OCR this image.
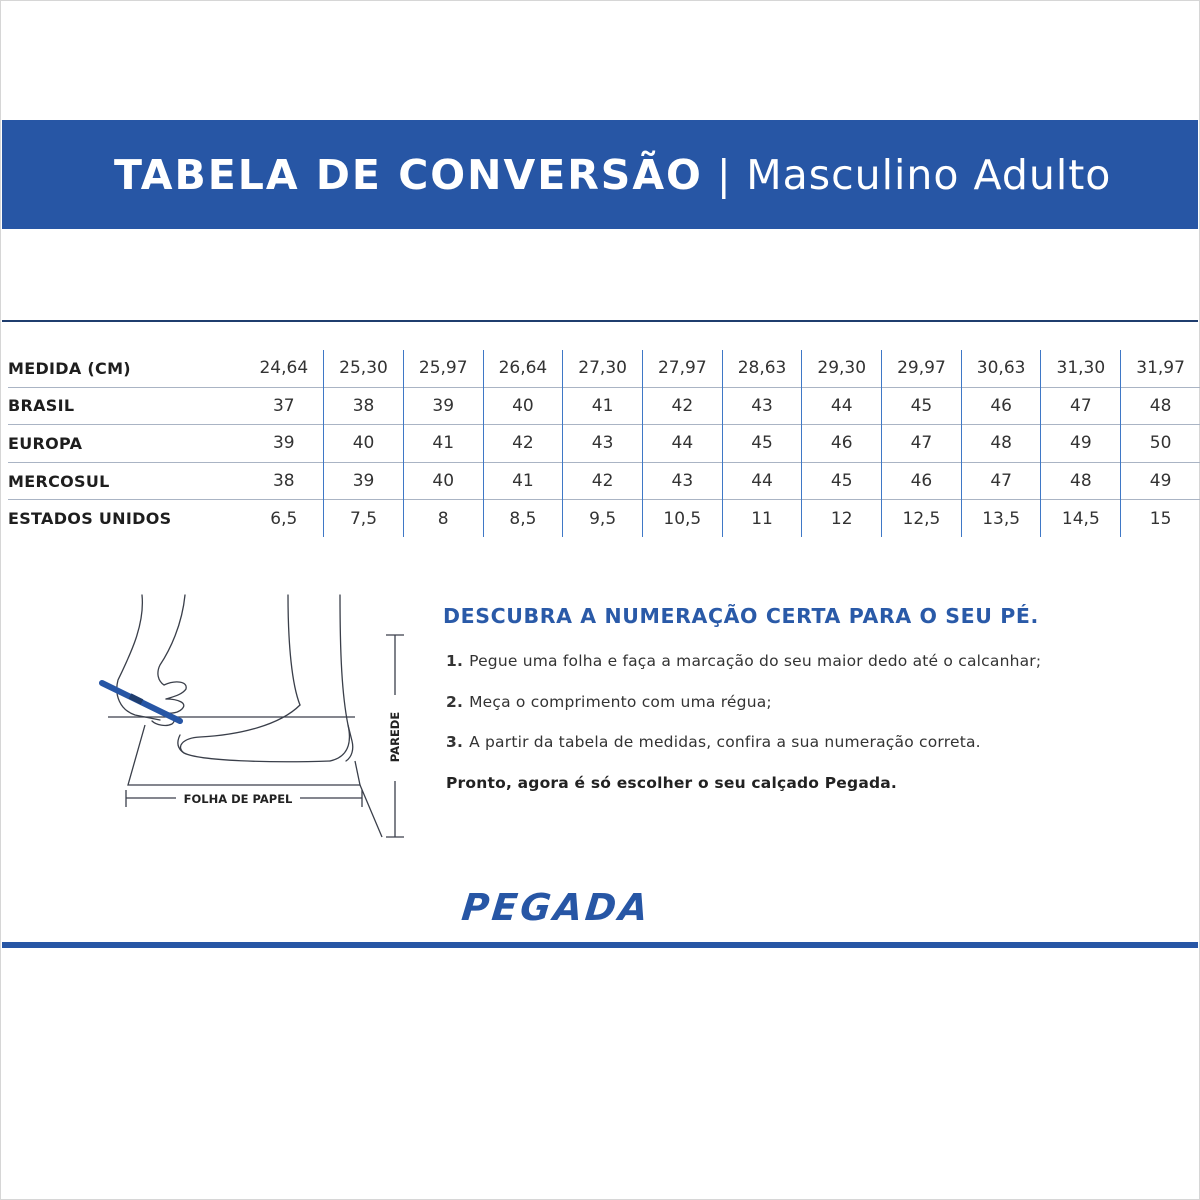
TABELA DE CONVERSÃO | Masculino Adulto
MEDIDA (CM)	24,64	25,30	25,97	26,64	27,30	27,97	28,63	29,30	29,97	30,63	31,30	31,97
BRASIL	37	38	39	40	41	42	43	44	45	46	47	48
EUROPA	39	40	41	42	43	44	45	46	47	48	49	50
MERCOSUL	38	39	40	41	42	43	44	45	46	47	48	49
ESTADOS UNIDOS	6,5	7,5	8	8,5	9,5	10,5	11	12	12,5	13,5	14,5	15
FOLHA DE PAPEL
PAREDE
DESCUBRA A NUMERAÇÃO CERTA PARA O SEU PÉ.
1. Pegue uma folha e faça a marcação do seu maior dedo até o calcanhar;
2. Meça o comprimento com uma régua;
3. A partir da tabela de medidas, confira a sua numeração correta.
Pronto, agora é só escolher o seu calçado Pegada.
PEGADA
